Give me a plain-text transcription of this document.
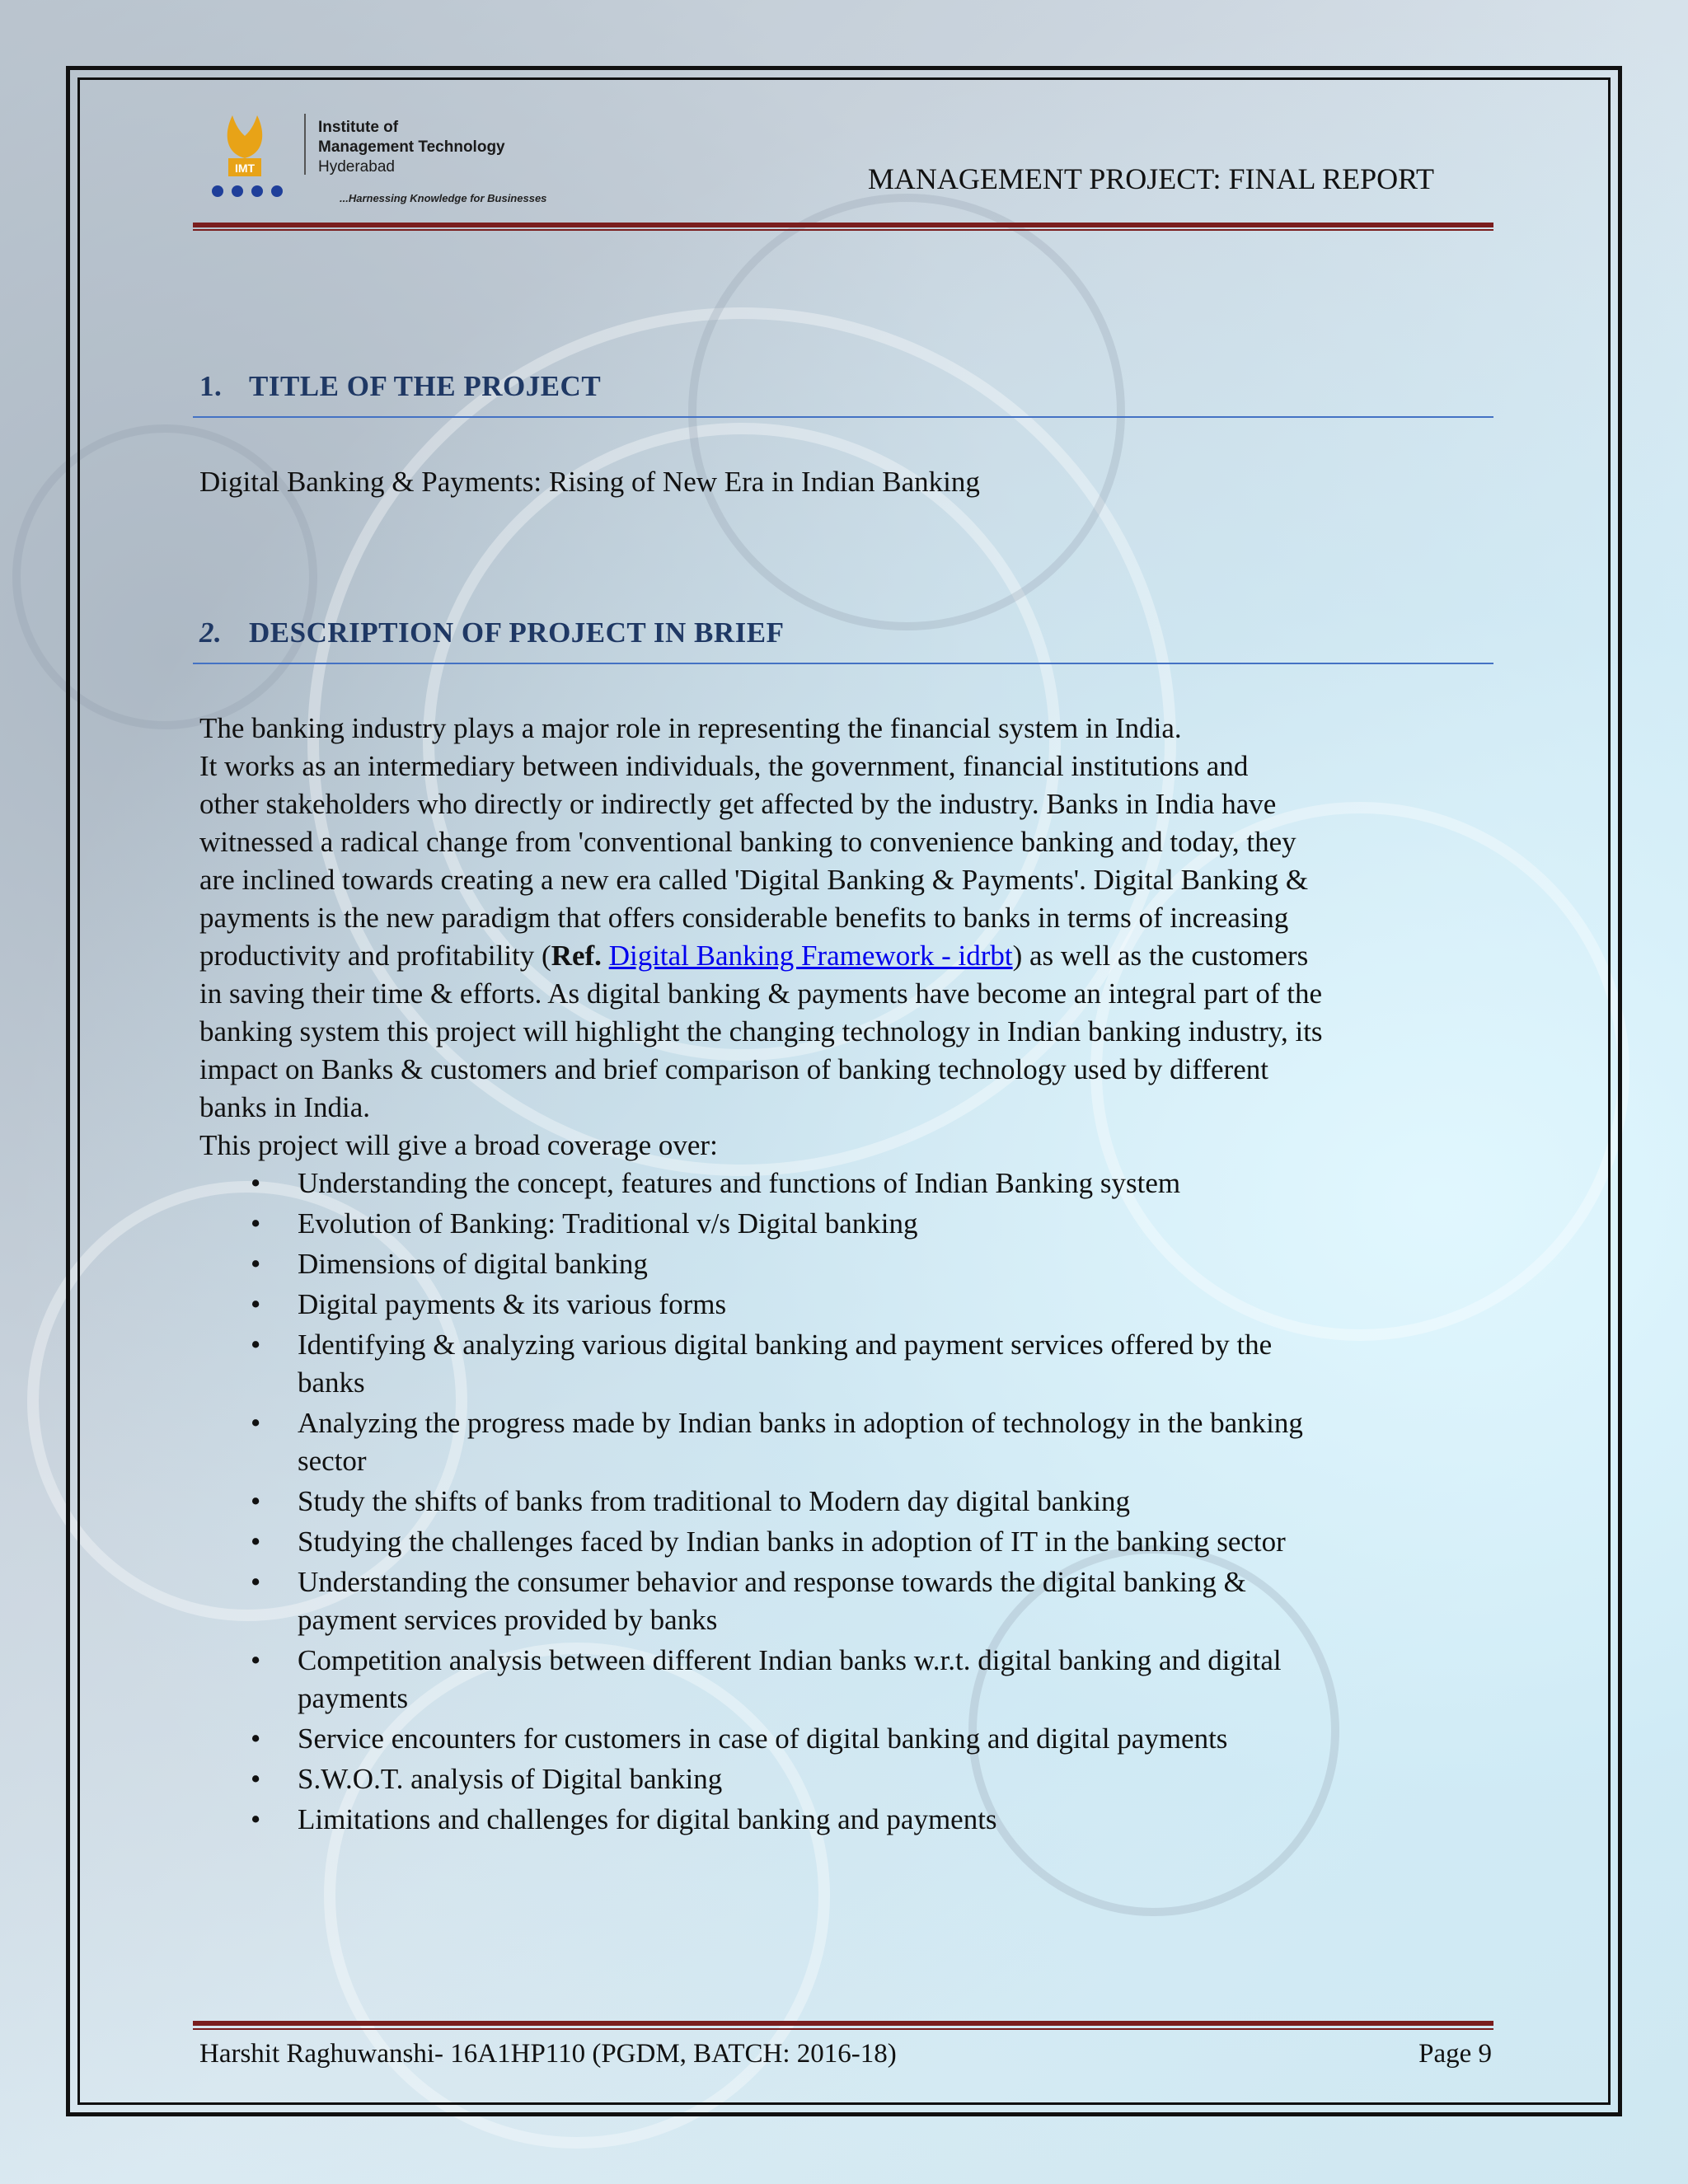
IMT
Institute of
Management Technology
Hyderabad
...Harnessing Knowledge for Businesses
MANAGEMENT PROJECT: FINAL REPORT
1. TITLE OF THE PROJECT
Digital Banking & Payments: Rising of New Era in Indian Banking
2. DESCRIPTION OF PROJECT IN BRIEF

The banking industry plays a major role in representing the financial system in India.

It works as an intermediary between individuals, the government, financial institutions and

other stakeholders who directly or indirectly get affected by the industry. Banks in India have

witnessed a radical change from 'conventional banking to convenience banking and today, they

are inclined towards creating a new era called 'Digital Banking & Payments'. Digital Banking &

payments is the new paradigm that offers considerable benefits to banks in terms of increasing

productivity and profitability (Ref. Digital Banking Framework - idrbt) as well as the customers

in saving their time & efforts. As digital banking & payments have become an integral part of the

banking system this project will highlight the changing technology in Indian banking industry, its

impact on Banks & customers and brief comparison of banking technology used by different

banks in India.

This project will give a broad coverage over:

• Understanding the concept, features and functions of Indian Banking system
• Evolution of Banking: Traditional v/s Digital banking
• Dimensions of digital banking
• Digital payments & its various forms
• Identifying & analyzing various digital banking and payment services offered by the
banks
• Analyzing the progress made by Indian banks in adoption of technology in the banking
sector
• Study the shifts of banks from traditional to Modern day digital banking
• Studying the challenges faced by Indian banks in adoption of IT in the banking sector
• Understanding the consumer behavior and response towards the digital banking &
payment services provided by banks
• Competition analysis between different Indian banks w.r.t. digital banking and digital
payments
• Service encounters for customers in case of digital banking and digital payments
• S.W.O.T. analysis of Digital banking
• Limitations and challenges for digital banking and payments
Harshit Raghuwanshi- 16A1HP110 (PGDM, BATCH: 2016-18)	Page 9
